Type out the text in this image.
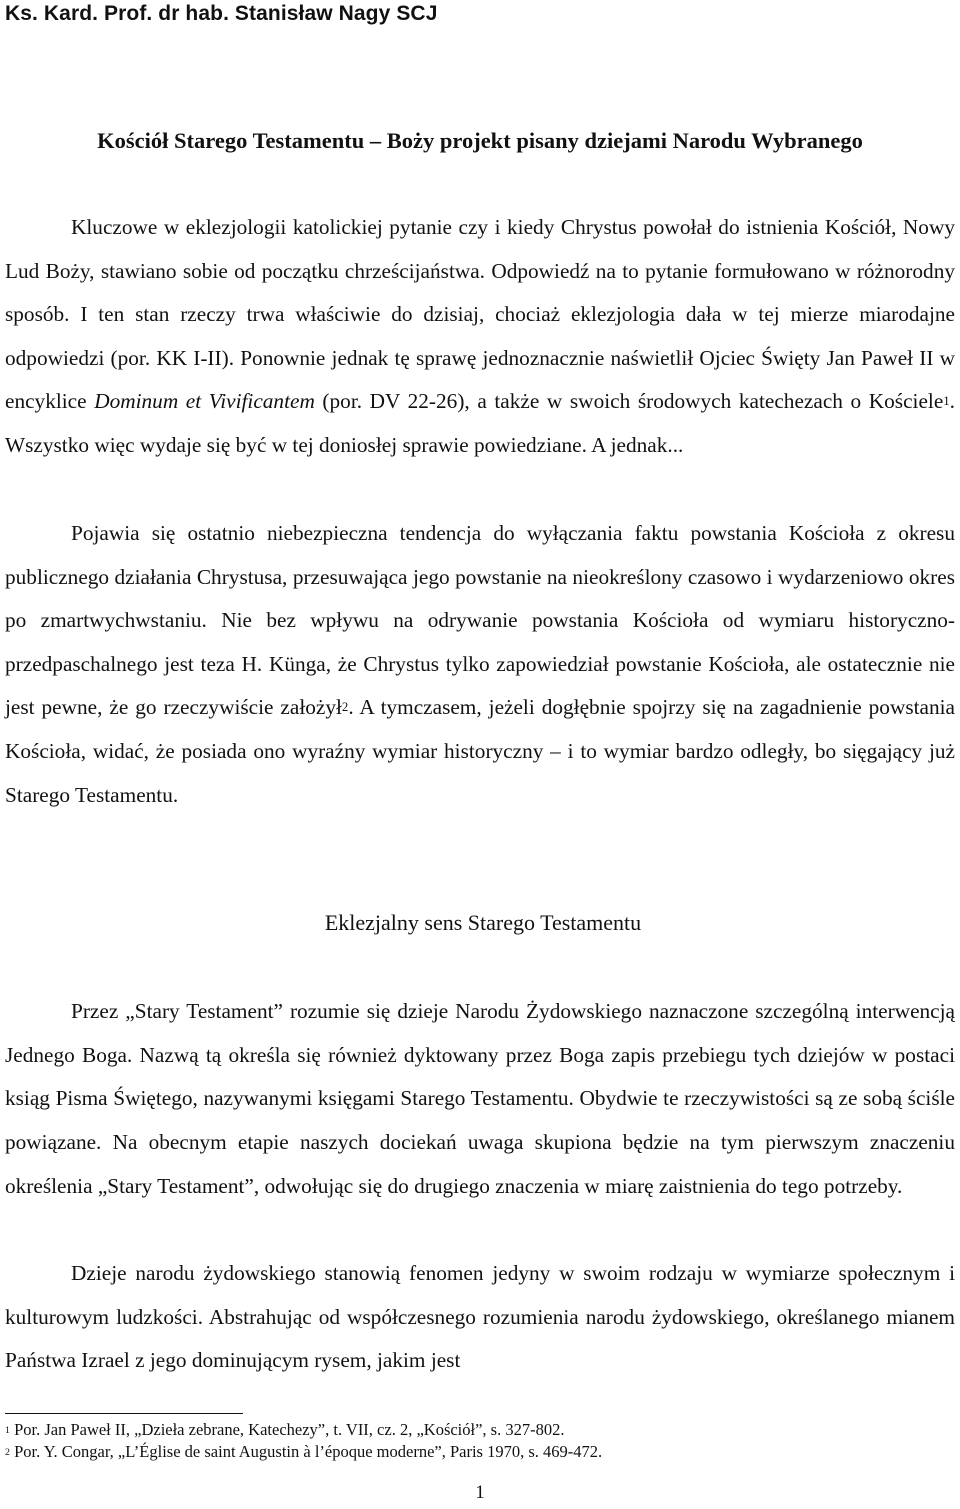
Ks. Kard. Prof. dr hab. Stanisław Nagy SCJ
Kościół Starego Testamentu – Boży projekt pisany dziejami Narodu Wybranego

Kluczowe w eklezjologii katolickiej pytanie czy i kiedy Chrystus powołał do istnienia Kościół, Nowy Lud Boży, stawiano sobie od początku chrześcijaństwa. Odpowiedź na to pytanie formułowano w różnorodny sposób. I ten stan rzeczy trwa właściwie do dzisiaj, chociaż eklezjologia dała w tej mierze miarodajne odpowiedzi (por. KK I-II). Ponownie jednak tę sprawę jednoznacznie naświetlił Ojciec Święty Jan Paweł II w encyklice Dominum et Vivificantem (por. DV 22-26), a także w swoich środowych katechezach o Kościele$^1$. Wszystko więc wydaje się być w tej doniosłej sprawie powiedziane. A jednak...

Pojawia się ostatnio niebezpieczna tendencja do wyłączania faktu powstania Kościoła z okresu publicznego działania Chrystusa, przesuwająca jego powstanie na nieokreślony czasowo i wydarzeniowo okres po zmartwychwstaniu. Nie bez wpływu na odrywanie powstania Kościoła od wymiaru historyczno-przedpaschalnego jest teza H. Künga, że Chrystus tylko zapowiedział powstanie Kościoła, ale ostatecznie nie jest pewne, że go rzeczywiście założył$^2$. A tymczasem, jeżeli dogłębnie spojrzy się na zagadnienie powstania Kościoła, widać, że posiada ono wyraźny wymiar historyczny – i to wymiar bardzo odległy, bo sięgający już Starego Testamentu.

Eklezjalny sens Starego Testamentu

Przez „Stary Testament” rozumie się dzieje Narodu Żydowskiego naznaczone szczególną interwencją Jednego Boga. Nazwą tą określa się również dyktowany przez Boga zapis przebiegu tych dziejów w postaci ksiąg Pisma Świętego, nazywanymi księgami Starego Testamentu. Obydwie te rzeczywistości są ze sobą ściśle powiązane. Na obecnym etapie naszych dociekań uwaga skupiona będzie na tym pierwszym znaczeniu określenia „Stary Testament”, odwołując się do drugiego znaczenia w miarę zaistnienia do tego potrzeby.

Dzieje narodu żydowskiego stanowią fenomen jedyny w swoim rodzaju w wymiarze społecznym i kulturowym ludzkości. Abstrahując od współczesnego rozumienia narodu żydowskiego, określanego mianem Państwa Izrael z jego dominującym rysem, jakim jest

$^1$ Por. Jan Paweł II, „Dzieła zebrane, Katechezy”, t. VII, cz. 2, „Kościół”, s. 327-802.
$^2$ Por. Y. Congar, „L’Église de saint Augustin à l’époque moderne”, Paris 1970, s. 469-472.
1
